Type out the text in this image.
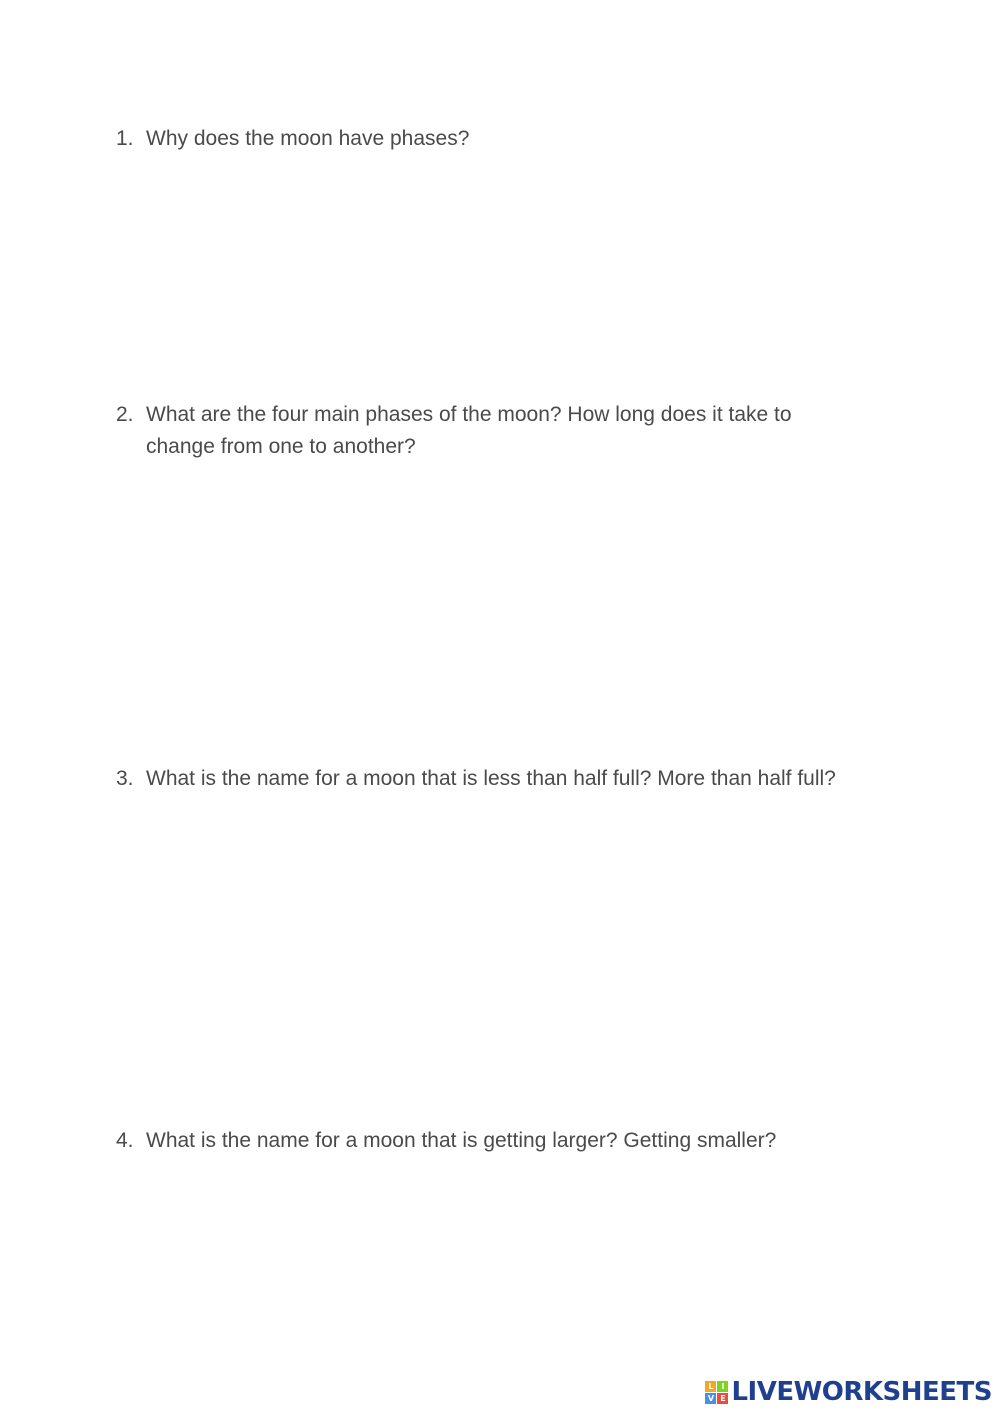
1. Why does the moon have phases?
2. What are the four main phases of the moon? How long does it take to change from one to another?
3. What is the name for a moon that is less than half full? More than half full?
4. What is the name for a moon that is getting larger? Getting smaller?
L I
V E LIVEWORKSHEETS
